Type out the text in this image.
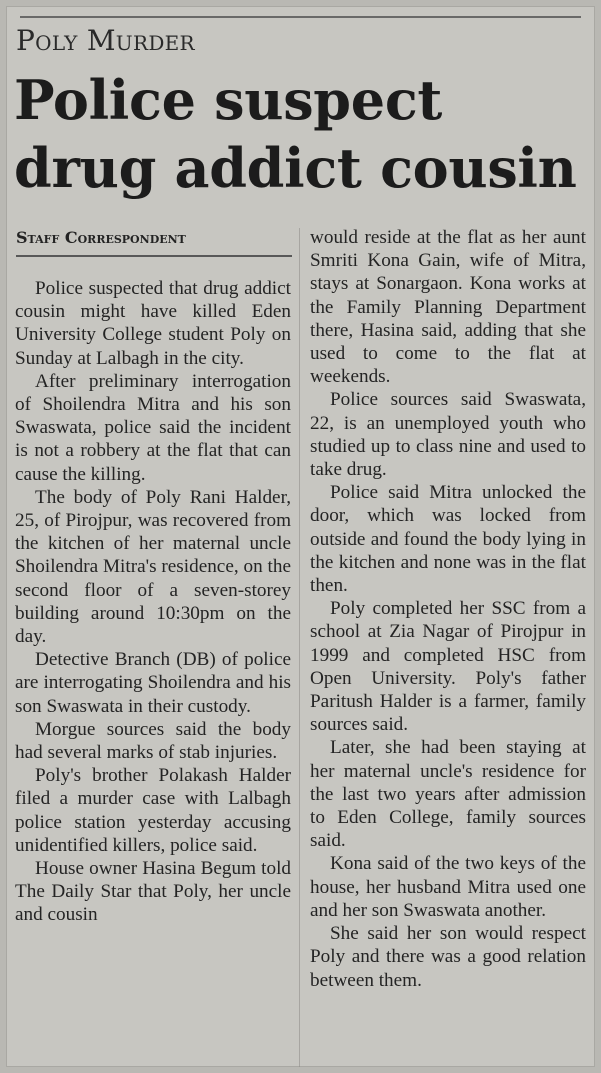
Poly Murder
Police suspect drug addict cousin
Staff Correspondent

Police suspected that drug addict cousin might have killed Eden University College student Poly on Sunday at Lalbagh in the city.

After preliminary interrogation of Shoilendra Mitra and his son Swaswata, police said the incident is not a robbery at the flat that can cause the killing.

The body of Poly Rani Halder, 25, of Pirojpur, was recovered from the kitchen of her maternal uncle Shoilendra Mitra's residence, on the second floor of a seven-storey building around 10:30pm on the day.

Detective Branch (DB) of police are interrogating Shoilendra and his son Swaswata in their custody.

Morgue sources said the body had several marks of stab injuries.

Poly's brother Polakash Halder filed a murder case with Lalbagh police station yesterday accusing unidentified killers, police said.

House owner Hasina Begum told The Daily Star that Poly, her uncle and cousin

would reside at the flat as her aunt Smriti Kona Gain, wife of Mitra, stays at Sonargaon. Kona works at the Family Planning Department there, Hasina said, adding that she used to come to the flat at weekends.

Police sources said Swaswata, 22, is an unemployed youth who studied up to class nine and used to take drug.

Police said Mitra unlocked the door, which was locked from outside and found the body lying in the kitchen and none was in the flat then.

Poly completed her SSC from a school at Zia Nagar of Pirojpur in 1999 and completed HSC from Open University. Poly's father Paritush Halder is a farmer, family sources said.

Later, she had been staying at her maternal uncle's residence for the last two years after admission to Eden College, family sources said.

Kona said of the two keys of the house, her husband Mitra used one and her son Swaswata another.

She said her son would respect Poly and there was a good relation between them.
